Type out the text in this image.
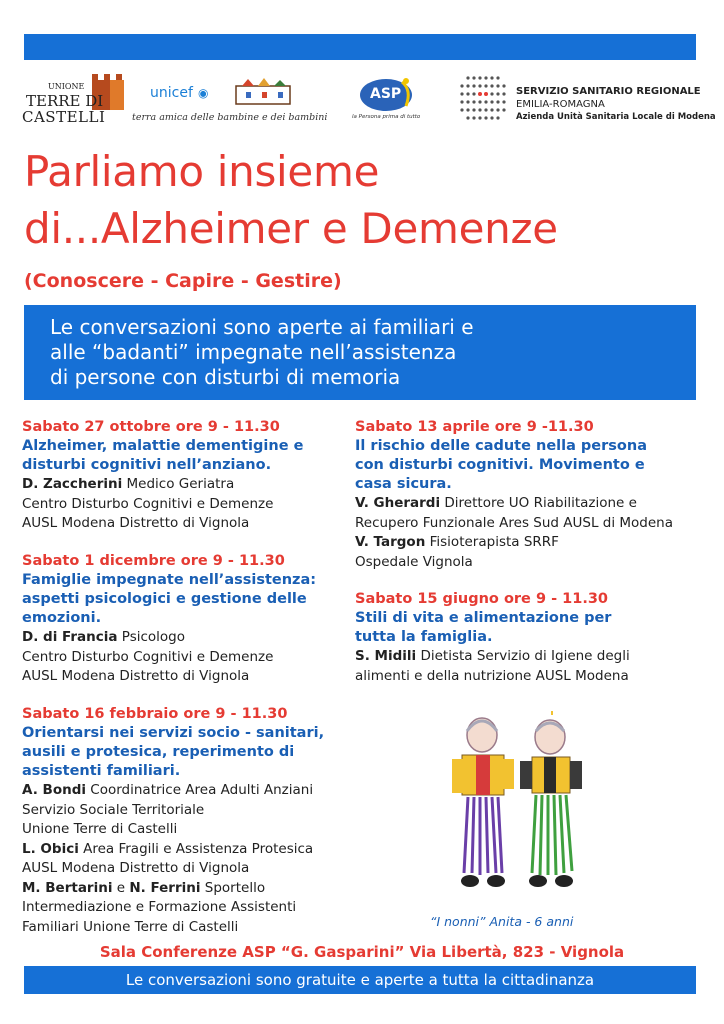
UNIONE
TERRE DI
CASTELLI
unicef ◉
terra amica delle bambine e dei bambini
ASP
la Persona prima di tutto
SERVIZIO SANITARIO REGIONALE
EMILIA-ROMAGNA
Azienda Unità Sanitaria Locale di Modena
Parliamo insieme
di...Alzheimer e Demenze
(Conoscere - Capire - Gestire)
Le conversazioni sono aperte ai familiari e
alle “badanti” impegnate nell’assistenza
di persone con disturbi di memoria
Sabato 27 ottobre ore 9 - 11.30
Alzheimer, malattie dementigine e
disturbi cognitivi nell’anziano.
D. Zaccherini Medico Geriatra
Centro Disturbo Cognitivi e Demenze
AUSL Modena Distretto di Vignola
Sabato 1 dicembre ore 9 - 11.30
Famiglie impegnate nell’assistenza:
aspetti psicologici e gestione delle
emozioni.
D. di Francia Psicologo
Centro Disturbo Cognitivi e Demenze
AUSL Modena Distretto di Vignola
Sabato 16 febbraio ore 9 - 11.30
Orientarsi nei servizi socio - sanitari,
ausili e protesica, reperimento di
assistenti familiari.
A. Bondi Coordinatrice Area Adulti Anziani
Servizio Sociale Territoriale
Unione Terre di Castelli
L. Obici Area Fragili e Assistenza Protesica
AUSL Modena Distretto di Vignola
M. Bertarini e N. Ferrini Sportello
Intermediazione e Formazione Assistenti
Familiari Unione Terre di Castelli
Sabato 13 aprile ore 9 -11.30
Il rischio delle cadute nella persona
con disturbi cognitivi. Movimento e
casa sicura.
V. Gherardi Direttore UO Riabilitazione e
Recupero Funzionale Ares Sud AUSL di Modena
V. Targon Fisioterapista SRRF
Ospedale Vignola
Sabato 15 giugno ore 9 - 11.30
Stili di vita e alimentazione per
tutta la famiglia.
S. Midili Dietista Servizio di Igiene degli
alimenti e della nutrizione AUSL Modena
“I nonni” Anita - 6 anni
Sala Conferenze ASP “G. Gasparini” Via Libertà, 823 - Vignola
Le conversazioni sono gratuite e aperte a tutta la cittadinanza
